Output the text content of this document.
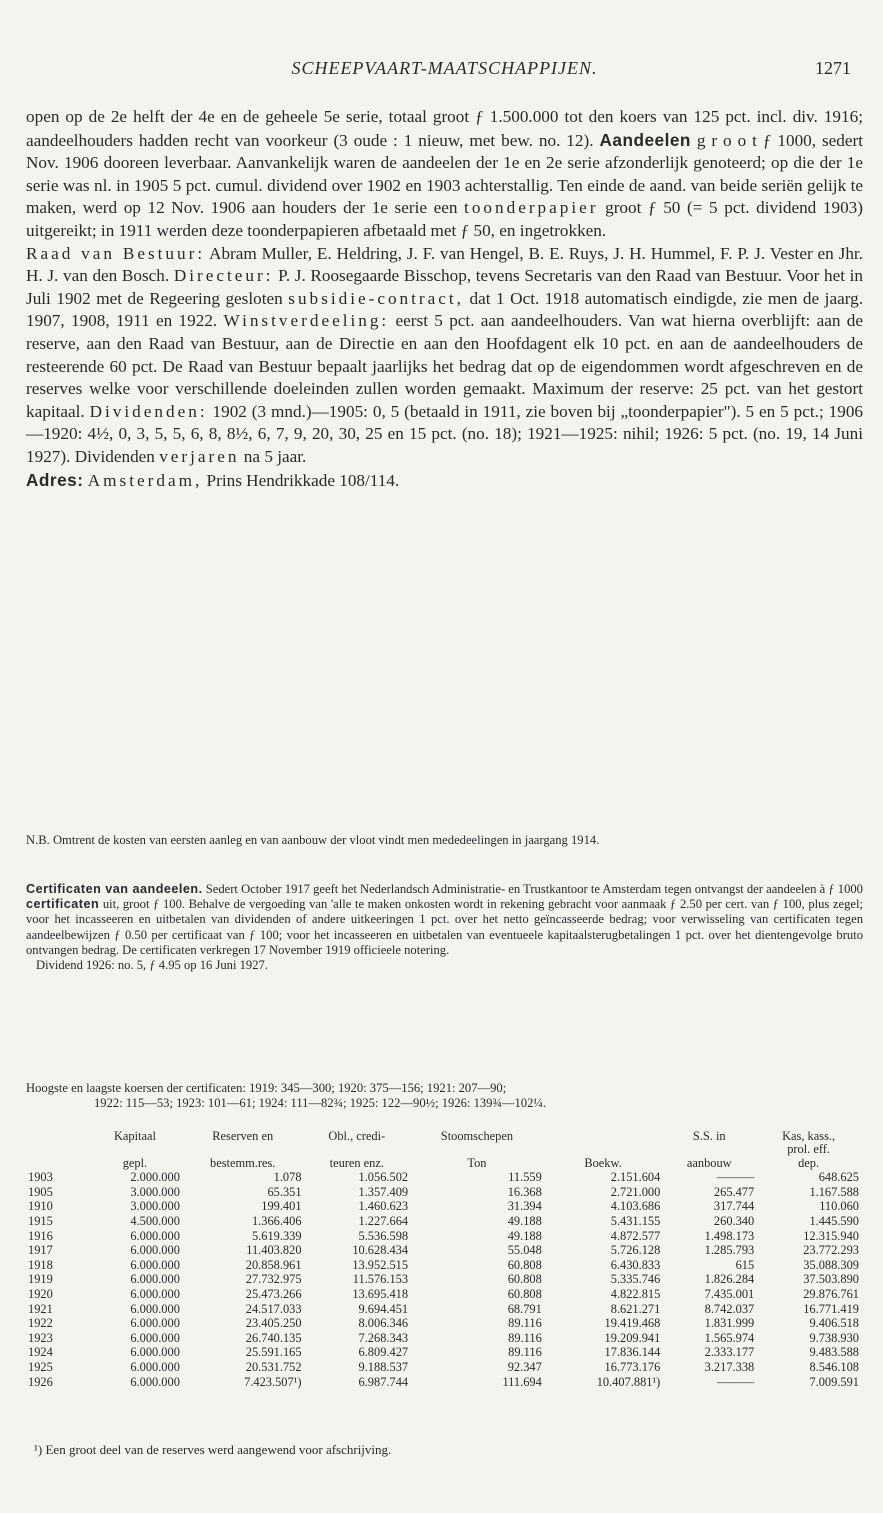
SCHEEPVAART-MAATSCHAPPIJEN.	1271

open op de 2e helft der 4e en de geheele 5e serie, totaal groot ƒ 1.500.000 tot den koers van 125 pct. incl. div. 1916; aandeelhouders hadden recht van voorkeur (3 oude : 1 nieuw, met bew. no. 12). Aandeelen g r o o t ƒ 1000, sedert Nov. 1906 dooreen leverbaar. Aanvankelijk waren de aandeelen der 1e en 2e serie afzonderlijk genoteerd; op die der 1e serie was nl. in 1905 5 pct. cumul. dividend over 1902 en 1903 achterstallig. Ten einde de aand. van beide seriën gelijk te maken, werd op 12 Nov. 1906 aan houders der 1e serie een toonderpapier groot ƒ 50 (= 5 pct. dividend 1903) uitgereikt; in 1911 werden deze toonderpapieren afbetaald met ƒ 50, en ingetrokken.

Raad van Bestuur: Abram Muller, E. Heldring, J. F. van Hengel, B. E. Ruys, J. H. Hummel, F. P. J. Vester en Jhr. H. J. van den Bosch. Directeur: P. J. Roosegaarde Bisschop, tevens Secretaris van den Raad van Bestuur. Voor het in Juli 1902 met de Regeering gesloten subsidie-contract, dat 1 Oct. 1918 automatisch eindigde, zie men de jaarg. 1907, 1908, 1911 en 1922. Winstverdeeling: eerst 5 pct. aan aandeelhouders. Van wat hierna overblijft: aan de reserve, aan den Raad van Bestuur, aan de Directie en aan den Hoofdagent elk 10 pct. en aan de aandeelhouders de resteerende 60 pct. De Raad van Bestuur bepaalt jaarlijks het bedrag dat op de eigendommen wordt afgeschreven en de reserves welke voor verschillende doeleinden zullen worden gemaakt. Maximum der reserve: 25 pct. van het gestort kapitaal. Dividenden: 1902 (3 mnd.)—1905: 0, 5 (betaald in 1911, zie boven bij „toonderpapier"). 5 en 5 pct.; 1906—1920: 4½, 0, 3, 5, 5, 6, 8, 8½, 6, 7, 9, 20, 30, 25 en 15 pct. (no. 18); 1921—1925: nihil; 1926: 5 pct. (no. 19, 14 Juni 1927). Dividenden verjaren na 5 jaar.

Adres: Amsterdam, Prins Hendrikkade 108/114.

N.B. Omtrent de kosten van eersten aanleg en van aanbouw der vloot vindt men mededeelingen in jaargang 1914.

Certificaten van aandeelen. Sedert October 1917 geeft het Nederlandsch Administratie- en Trustkantoor te Amsterdam tegen ontvangst der aandeelen à ƒ 1000 certificaten uit, groot ƒ 100. Behalve de vergoeding van 'alle te maken onkosten wordt in rekening gebracht voor aanmaak ƒ 2.50 per cert. van ƒ 100, plus zegel; voor het incasseeren en uitbetalen van dividenden of andere uitkeeringen 1 pct. over het netto geïncasseerde bedrag; voor verwisseling van certificaten tegen aandeelbewijzen ƒ 0.50 per certificaat van ƒ 100; voor het incasseeren en uitbetalen van eventueele kapitaalsterugbetalingen 1 pct. over het dientengevolge bruto ontvangen bedrag. De certificaten verkregen 17 November 1919 officieele notering.

Dividend 1926: no. 5, ƒ 4.95 op 16 Juni 1927.

Hoogste en laagste koersen der certificaten: 1919: 345—300; 1920: 375—156; 1921: 207—90;

1922: 115—53; 1923: 101—61; 1924: 111—82¾; 1925: 122—90½; 1926: 139¾—102¼.

	Kapitaal	Reserven en	Obl., credi-	Stoomschepen		S.S. in	Kas, kass.,
							prol. eff.
	gepl.	bestemm.res.	teuren enz.	Ton	Boekw.	aanbouw	dep.
1903	2.000.000	1.078	1.056.502	11.559	2.151.604	———	648.625
1905	3.000.000	65.351	1.357.409	16.368	2.721.000	265.477	1.167.588
1910	3.000.000	199.401	1.460.623	31.394	4.103.686	317.744	110.060
1915	4.500.000	1.366.406	1.227.664	49.188	5.431.155	260.340	1.445.590
1916	6.000.000	5.619.339	5.536.598	49.188	4.872.577	1.498.173	12.315.940
1917	6.000.000	11.403.820	10.628.434	55.048	5.726.128	1.285.793	23.772.293
1918	6.000.000	20.858.961	13.952.515	60.808	6.430.833	615	35.088.309
1919	6.000.000	27.732.975	11.576.153	60.808	5.335.746	1.826.284	37.503.890
1920	6.000.000	25.473.266	13.695.418	60.808	4.822.815	7.435.001	29.876.761
1921	6.000.000	24.517.033	9.694.451	68.791	8.621.271	8.742.037	16.771.419
1922	6.000.000	23.405.250	8.006.346	89.116	19.419.468	1.831.999	9.406.518
1923	6.000.000	26.740.135	7.268.343	89.116	19.209.941	1.565.974	9.738.930
1924	6.000.000	25.591.165	6.809.427	89.116	17.836.144	2.333.177	9.483.588
1925	6.000.000	20.531.752	9.188.537	92.347	16.773.176	3.217.338	8.546.108
1926	6.000.000	7.423.507¹)	6.987.744	111.694	10.407.881¹)	———	7.009.591
¹) Een groot deel van de reserves werd aangewend voor afschrijving.
